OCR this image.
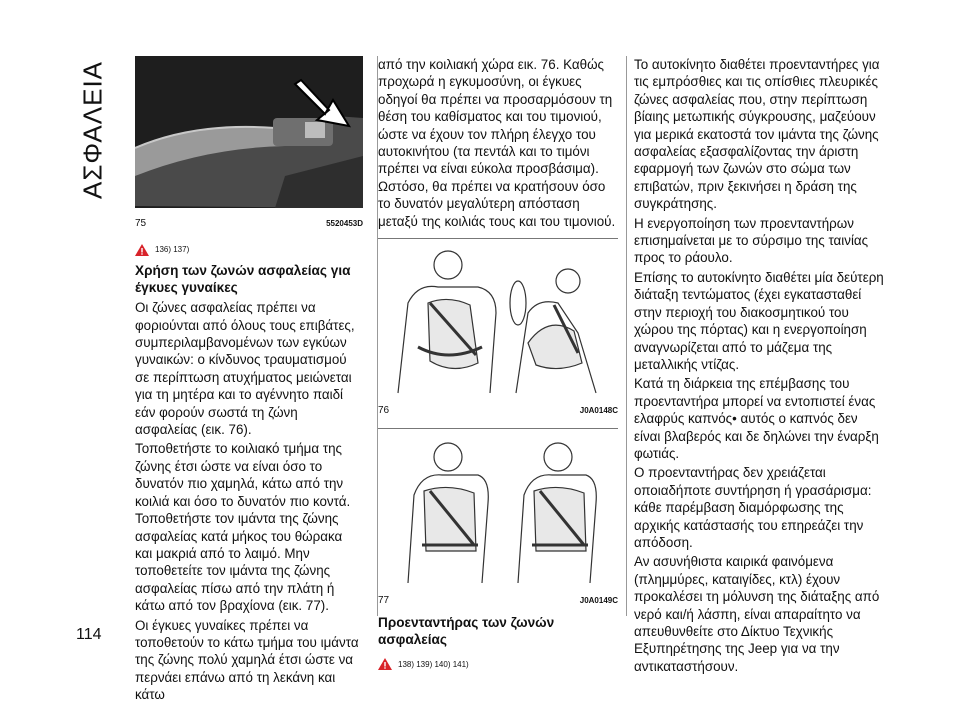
ΑΣΦΑΛΕΙΑ
114
75	5520453D
136) 137)
Χρήση των ζωνών ασφαλείας για έγκυες γυναίκες

Οι ζώνες ασφαλείας πρέπει να φοριούνται από όλους τους επιβάτες, συμπεριλαμβανομένων των εγκύων γυναικών: ο κίνδυνος τραυματισμού σε περίπτωση ατυχήματος μειώνεται για τη μητέρα και το αγέννητο παιδί εάν φορούν σωστά τη ζώνη ασφαλείας (εικ. 76).

Τοποθετήστε το κοιλιακό τμήμα της ζώνης έτσι ώστε να είναι όσο το δυνατόν πιο χαμηλά, κάτω από την κοιλιά και όσο το δυνατόν πιο κοντά. Τοποθετήστε τον ιμάντα της ζώνης ασφαλείας κατά μήκος του θώρακα και μακριά από το λαιμό. Μην τοποθετείτε τον ιμάντα της ζώνης ασφαλείας πίσω από την πλάτη ή κάτω από τον βραχίονα (εικ. 77).

Οι έγκυες γυναίκες πρέπει να τοποθετούν το κάτω τμήμα του ιμάντα της ζώνης πολύ χαμηλά έτσι ώστε να περνάει επάνω από τη λεκάνη και κάτω

από την κοιλιακή χώρα εικ. 76. Καθώς προχωρά η εγκυμοσύνη, οι έγκυες οδηγοί θα πρέπει να προσαρμόσουν τη θέση του καθίσματος και του τιμονιού, ώστε να έχουν τον πλήρη έλεγχο του αυτοκινήτου (τα πεντάλ και το τιμόνι πρέπει να είναι εύκολα προσβάσιμα). Ωστόσο, θα πρέπει να κρατήσουν όσο το δυνατόν μεγαλύτερη απόσταση μεταξύ της κοιλιάς τους και του τιμονιού.

76	J0A0148C
77	J0A0149C
Προενταντήρας των ζωνών ασφαλείας
138) 139) 140) 141)

Το αυτοκίνητο διαθέτει προενταντήρες για τις εμπρόσθιες και τις οπίσθιες πλευρικές ζώνες ασφαλείας που, στην περίπτωση βίαιης μετωπικής σύγκρουσης, μαζεύουν για μερικά εκατοστά τον ιμάντα της ζώνης ασφαλείας εξασφαλίζοντας την άριστη εφαρμογή των ζωνών στο σώμα των επιβατών, πριν ξεκινήσει η δράση της συγκράτησης.

Η ενεργοποίηση των προενταντήρων επισημαίνεται με το σύρσιμο της ταινίας προς το ράουλο.

Επίσης το αυτοκίνητο διαθέτει μία δεύτερη διάταξη τεντώματος (έχει εγκατασταθεί στην περιοχή του διακοσμητικού του χώρου της πόρτας) και η ενεργοποίηση αναγνωρίζεται από το μάζεμα της μεταλλικής ντίζας.

Κατά τη διάρκεια της επέμβασης του προενταντήρα μπορεί να εντοπιστεί ένας ελαφρύς καπνός• αυτός ο καπνός δεν είναι βλαβερός και δε δηλώνει την έναρξη φωτιάς.

Ο προενταντήρας δεν χρειάζεται οποιαδήποτε συντήρηση ή γρασάρισμα: κάθε παρέμβαση διαμόρφωσης της αρχικής κατάστασής του επηρεάζει την απόδοση.

Αν ασυνήθιστα καιρικά φαινόμενα (πλημμύρες, καταιγίδες, κτλ) έχουν προκαλέσει τη μόλυνση της διάταξης από νερό και/ή λάσπη, είναι απαραίτητο να απευθυνθείτε στο Δίκτυο Τεχνικής Εξυπηρέτησης της Jeep για να την αντικαταστήσουν.
